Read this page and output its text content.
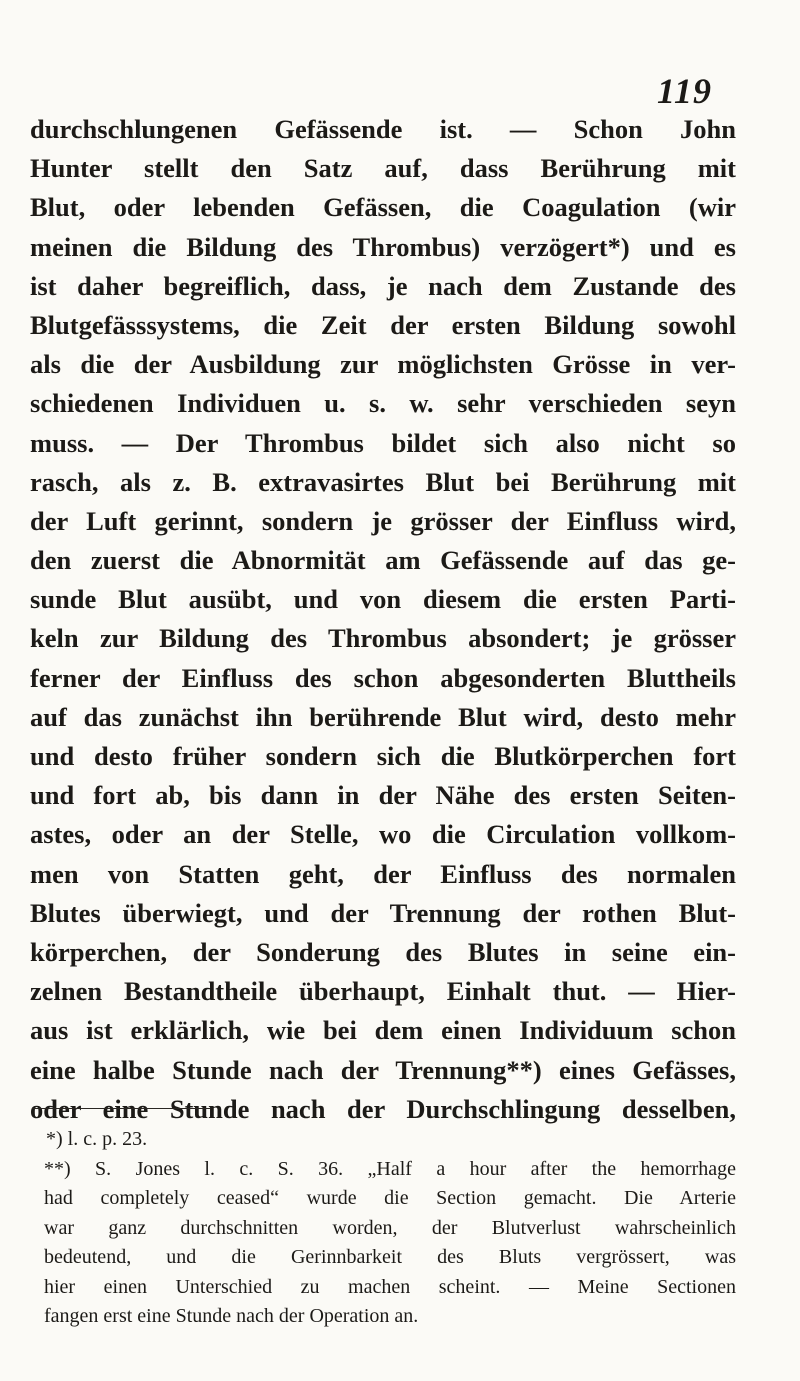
119
durchschlungenen Gefässende ist. — Schon John
Hunter stellt den Satz auf, dass Berührung mit
Blut, oder lebenden Gefässen, die Coagulation (wir
meinen die Bildung des Thrombus) verzögert*) und es
ist daher begreiflich, dass, je nach dem Zustande des
Blutgefässsystems, die Zeit der ersten Bildung sowohl
als die der Ausbildung zur möglichsten Grösse in ver-
schiedenen Individuen u. s. w. sehr verschieden seyn
muss. — Der Thrombus bildet sich also nicht so
rasch, als z. B. extravasirtes Blut bei Berührung mit
der Luft gerinnt, sondern je grösser der Einfluss wird,
den zuerst die Abnormität am Gefässende auf das ge-
sunde Blut ausübt, und von diesem die ersten Parti-
keln zur Bildung des Thrombus absondert; je grösser
ferner der Einfluss des schon abgesonderten Bluttheils
auf das zunächst ihn berührende Blut wird, desto mehr
und desto früher sondern sich die Blutkörperchen fort
und fort ab, bis dann in der Nähe des ersten Seiten-
astes, oder an der Stelle, wo die Circulation vollkom-
men von Statten geht, der Einfluss des normalen
Blutes überwiegt, und der Trennung der rothen Blut-
körperchen, der Sonderung des Blutes in seine ein-
zelnen Bestandtheile überhaupt, Einhalt thut. — Hier-
aus ist erklärlich, wie bei dem einen Individuum schon
eine halbe Stunde nach der Trennung**) eines Gefässes,
oder eine Stunde nach der Durchschlingung desselben,
*) l. c. p. 23.
**) S. Jones l. c. S. 36. „Half a hour after the hemorrhage
had completely ceased“ wurde die Section gemacht. Die Arterie
war ganz durchschnitten worden, der Blutverlust wahrscheinlich
bedeutend, und die Gerinnbarkeit des Bluts vergrössert, was
hier einen Unterschied zu machen scheint. — Meine Sectionen
fangen erst eine Stunde nach der Operation an.
